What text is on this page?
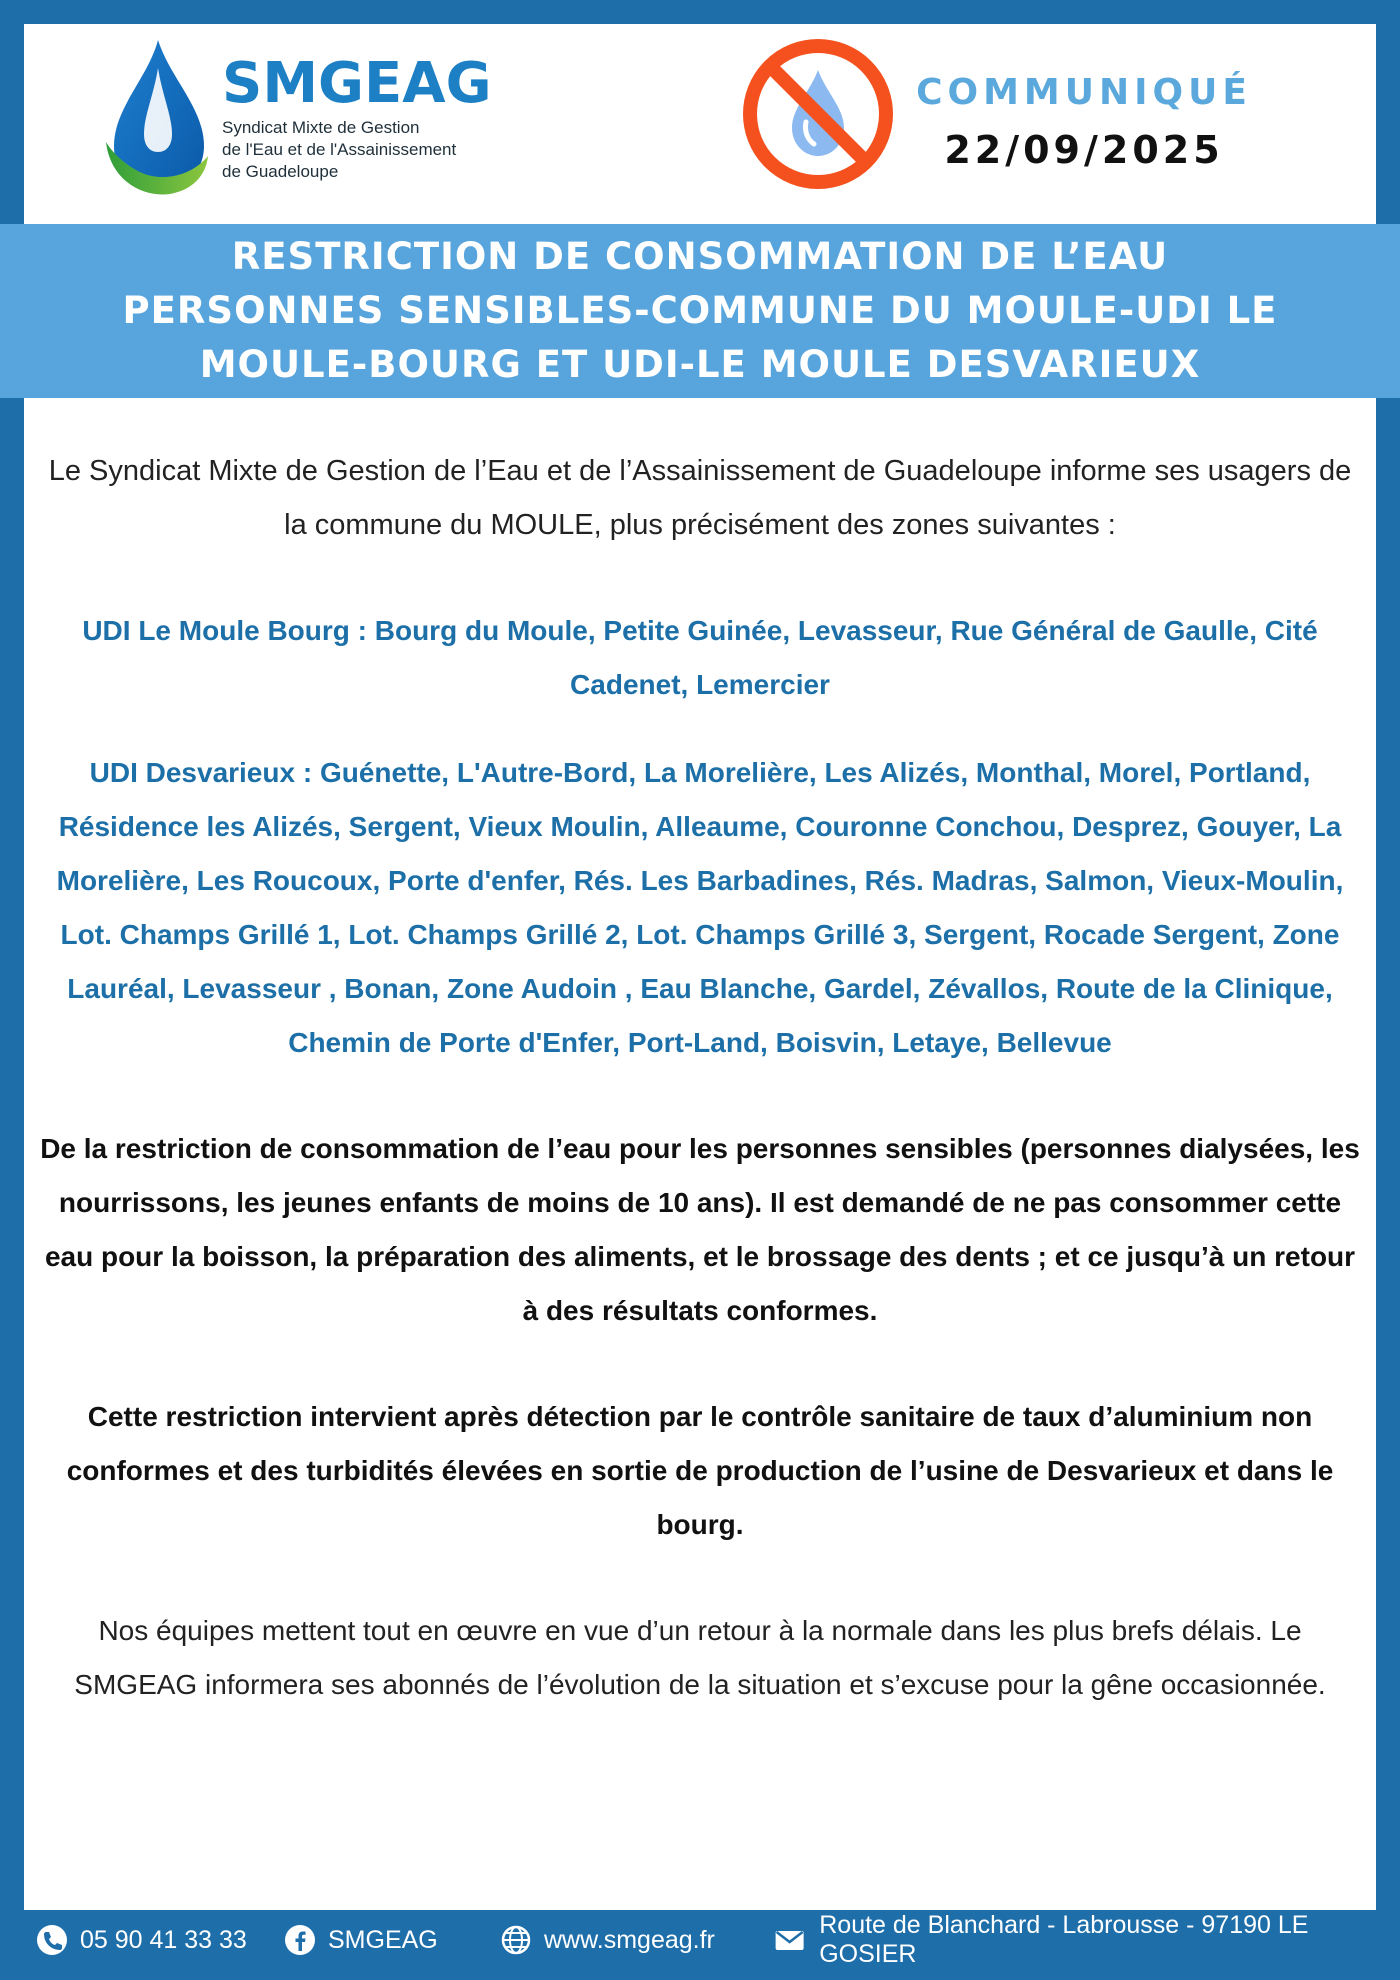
SMGEAG
Syndicat Mixte de Gestion
de l'Eau et de l'Assainissement
de Guadeloupe
COMMUNIQUÉ
22/09/2025
RESTRICTION DE CONSOMMATION DE L’EAU
PERSONNES SENSIBLES-COMMUNE DU MOULE-UDI LE
MOULE-BOURG ET UDI-LE MOULE DESVARIEUX

Le Syndicat Mixte de Gestion de l’Eau et de l’Assainissement de Guadeloupe informe ses usagers de la commune du MOULE, plus précisément des zones suivantes :

UDI Le Moule Bourg : Bourg du Moule, Petite Guinée, Levasseur, Rue Général de Gaulle, Cité Cadenet, Lemercier

UDI Desvarieux : Guénette, L'Autre-Bord, La Morelière, Les Alizés, Monthal, Morel, Portland, Résidence les Alizés, Sergent, Vieux Moulin, Alleaume, Couronne Conchou, Desprez, Gouyer, La Morelière, Les Roucoux, Porte d'enfer, Rés. Les Barbadines, Rés. Madras, Salmon, Vieux-Moulin, Lot. Champs Grillé 1, Lot. Champs Grillé 2, Lot. Champs Grillé 3, Sergent, Rocade Sergent, Zone Lauréal, Levasseur , Bonan, Zone Audoin , Eau Blanche, Gardel, Zévallos, Route de la Clinique, Chemin de Porte d'Enfer, Port-Land, Boisvin, Letaye, Bellevue

De la restriction de consommation de l’eau pour les personnes sensibles (personnes dialysées, les nourrissons, les jeunes enfants de moins de 10 ans). Il est demandé de ne pas consommer cette eau pour la boisson, la préparation des aliments, et le brossage des dents ; et ce jusqu’à un retour à des résultats conformes.

Cette restriction intervient après détection par le contrôle sanitaire de taux d’aluminium non conformes et des turbidités élevées en sortie de production de l’usine de Desvarieux et dans le bourg.

Nos équipes mettent tout en œuvre en vue d’un retour à la normale dans les plus brefs délais. Le SMGEAG informera ses abonnés de l’évolution de la situation et s’excuse pour la gêne occasionnée.

05 90 41 33 33	SMGEAG	www.smgeag.fr
Route de Blanchard - Labrousse - 97190 LE GOSIER
